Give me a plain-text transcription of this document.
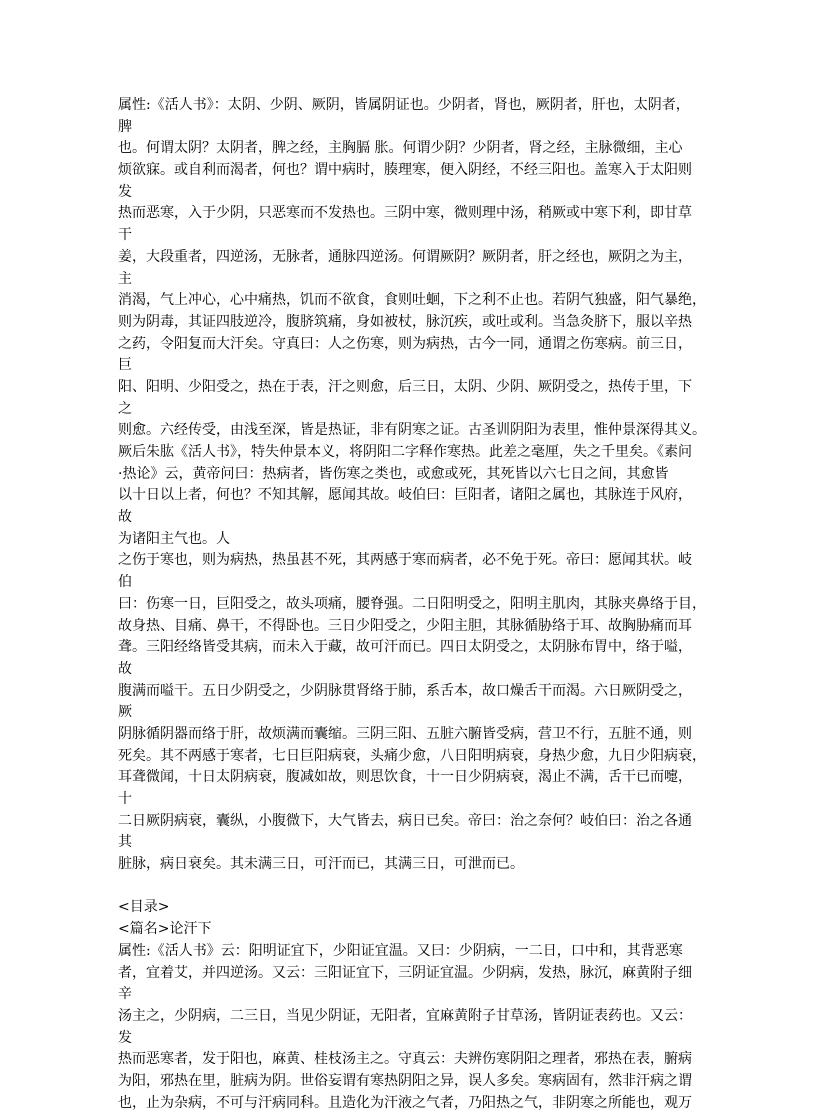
属性:《活人书》：太阴、少阴、厥阴，皆属阴证也。少阴者，肾也，厥阴者，肝也，太阴者，
脾
也。何谓太阴？太阴者，脾之经，主胸膈 胀。何谓少阴？少阴者，肾之经，主脉微细，主心
烦欲寐。或自利而渴者，何也？谓中病时，腠理寒，便入阴经，不经三阳也。盖寒入于太阳则
发
热而恶寒，入于少阴，只恶寒而不发热也。三阴中寒，微则理中汤，稍厥或中寒下利，即甘草
干
姜，大段重者，四逆汤，无脉者，通脉四逆汤。何谓厥阴？厥阴者，肝之经也，厥阴之为主，
主
消渴，气上冲心，心中痛热，饥而不欲食，食则吐蛔，下之利不止也。若阴气独盛，阳气暴绝，
则为阴毒，其证四肢逆冷，腹脐筑痛，身如被杖，脉沉疾，或吐或利。当急灸脐下，服以辛热
之药，令阳复而大汗矣。守真曰：人之伤寒，则为病热，古今一同，通谓之伤寒病。前三日，
巨
阳、阳明、少阳受之，热在于表，汗之则愈，后三日，太阴、少阴、厥阴受之，热传于里，下
之
则愈。六经传受，由浅至深，皆是热证，非有阴寒之证。古圣训阴阳为表里，惟仲景深得其义。
厥后朱肱《活人书》，特失仲景本义，将阴阳二字释作寒热。此差之毫厘，失之千里矣。《素问
·热论》云，黄帝问曰：热病者，皆伤寒之类也，或愈或死，其死皆以六七日之间，其愈皆
以十日以上者，何也？不知其解，愿闻其故。岐伯曰：巨阳者，诸阳之属也，其脉连于风府，
故
为诸阳主气也。人
之伤于寒也，则为病热，热虽甚不死，其两感于寒而病者，必不免于死。帝曰：愿闻其状。岐
伯
曰：伤寒一日，巨阳受之，故头项痛，腰脊强。二日阳明受之，阳明主肌肉，其脉夹鼻络于目，
故身热、目痛、鼻干，不得卧也。三日少阳受之，少阳主胆，其脉循胁络于耳、故胸胁痛而耳
聋。三阳经络皆受其病，而未入于藏，故可汗而已。四日太阴受之，太阴脉布胃中，络于嗌，
故
腹满而嗌干。五日少阴受之，少阴脉贯肾络于肺，系舌本，故口燥舌干而渴。六日厥阴受之，
厥
阴脉循阴器而络于肝，故烦满而囊缩。三阴三阳、五脏六腑皆受病，营卫不行，五脏不通，则
死矣。其不两感于寒者，七日巨阳病衰，头痛少愈，八日阳明病衰，身热少愈，九日少阳病衰，
耳聋微闻，十日太阴病衰，腹减如故，则思饮食，十一日少阴病衰，渴止不满，舌干已而嚏，
十
二日厥阴病衰，囊纵，小腹微下，大气皆去，病日已矣。帝曰：治之奈何？岐伯曰：治之各通
其
脏脉，病日衰矣。其未满三日，可汗而已，其满三日，可泄而已。
<目录>
<篇名>论汗下
属性:《活人书》云：阳明证宜下，少阳证宜温。又曰：少阴病，一二日，口中和，其背恶寒
者，宜着艾，并四逆汤。又云：三阳证宜下，三阴证宜温。少阴病，发热，脉沉，麻黄附子细
辛
汤主之，少阴病，二三日，当见少阴证，无阳者，宜麻黄附子甘草汤，皆阴证表药也。又云：
发
热而恶寒者，发于阳也，麻黄、桂枝汤主之。守真云：夫辨伤寒阴阳之理者，邪热在表，腑病
为阳，邪热在里，脏病为阴。世俗妄谓有寒热阴阳之异，误人多矣。寒病固有，然非汗病之谓
也，止为杂病，不可与汗病同科。且造化为汗液之气者，乃阳热之气，非阴寒之所能也，观万
